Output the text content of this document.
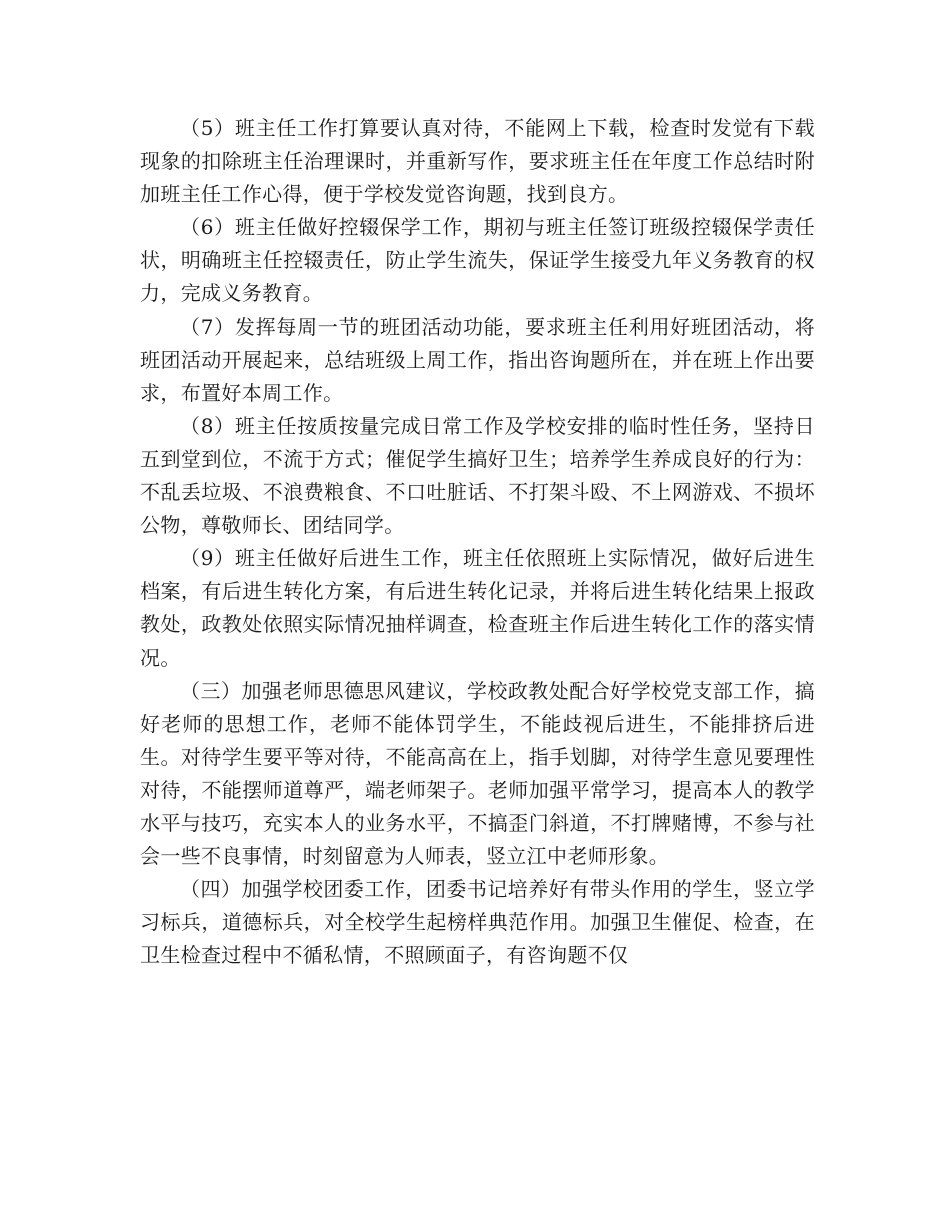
（5）班主任工作打算要认真对待，不能网上下载，检查时发觉有下载现象的扣除班主任治理课时，并重新写作，要求班主任在年度工作总结时附加班主任工作心得，便于学校发觉咨询题，找到良方。

（6）班主任做好控辍保学工作，期初与班主任签订班级控辍保学责任状，明确班主任控辍责任，防止学生流失，保证学生接受九年义务教育的权力，完成义务教育。

（7）发挥每周一节的班团活动功能，要求班主任利用好班团活动，将班团活动开展起来，总结班级上周工作，指出咨询题所在，并在班上作出要求，布置好本周工作。

（8）班主任按质按量完成日常工作及学校安排的临时性任务，坚持日五到堂到位，不流于方式；催促学生搞好卫生；培养学生养成良好的行为：不乱丢垃圾、不浪费粮食、不口吐脏话、不打架斗殴、不上网游戏、不损坏公物，尊敬师长、团结同学。

（9）班主任做好后进生工作，班主任依照班上实际情况，做好后进生档案，有后进生转化方案，有后进生转化记录，并将后进生转化结果上报政教处，政教处依照实际情况抽样调查，检查班主作后进生转化工作的落实情况。

（三）加强老师思德思风建议，学校政教处配合好学校党支部工作，搞好老师的思想工作，老师不能体罚学生，不能歧视后进生，不能排挤后进生。对待学生要平等对待，不能高高在上，指手划脚，对待学生意见要理性对待，不能摆师道尊严，端老师架子。老师加强平常学习，提高本人的教学水平与技巧，充实本人的业务水平，不搞歪门斜道，不打牌赌博，不参与社会一些不良事情，时刻留意为人师表，竖立江中老师形象。

（四）加强学校团委工作，团委书记培养好有带头作用的学生，竖立学习标兵，道德标兵，对全校学生起榜样典范作用。加强卫生催促、检查，在卫生检查过程中不循私情，不照顾面子，有咨询题不仅
